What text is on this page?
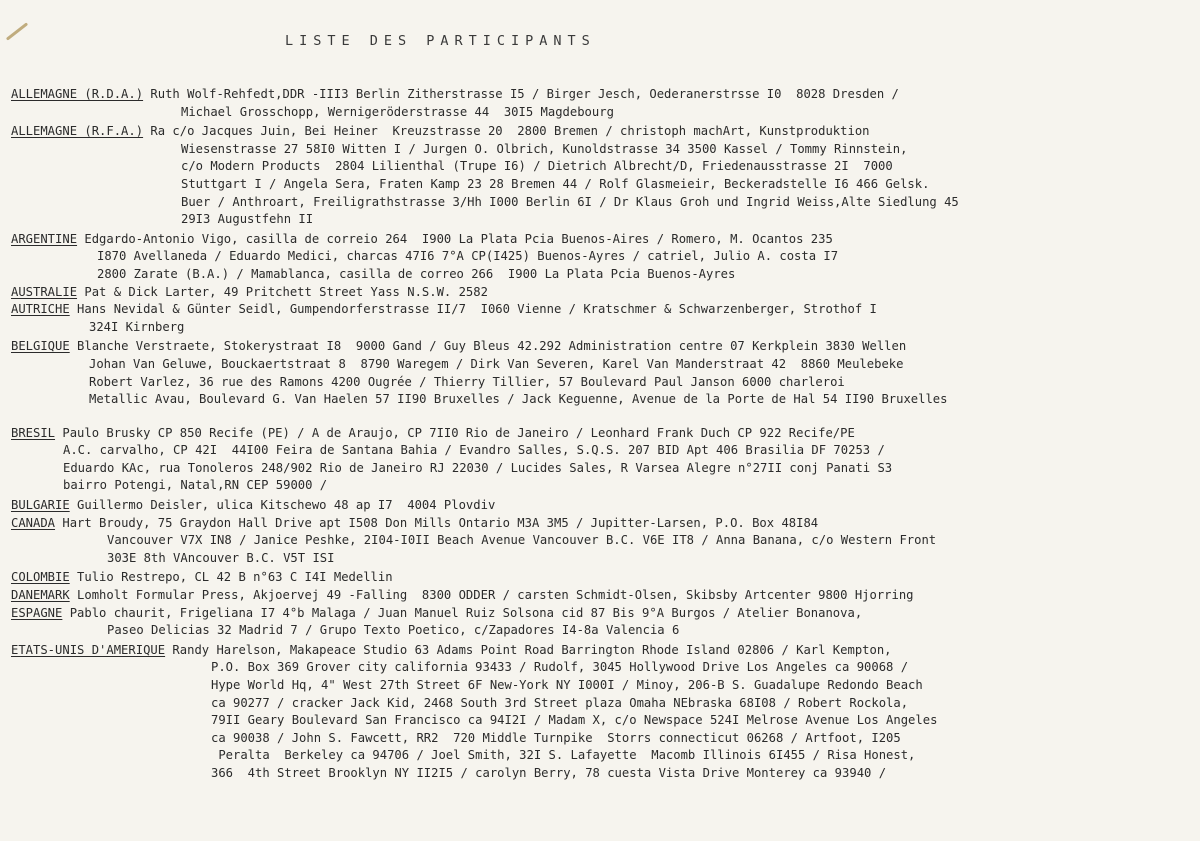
LISTE DES PARTICIPANTS
ALLEMAGNE (R.D.A.) Ruth Wolf-Rehfedt,DDR -III3 Berlin Zitherstrasse I5 / Birger Jesch, Oederanerstrsse I0  8028 Dresden /
Michael Grosschopp, Wernigeröderstrasse 44  30I5 Magdebourg
ALLEMAGNE (R.F.A.) Ra c/o Jacques Juin, Bei Heiner  Kreuzstrasse 20  2800 Bremen / christoph machArt, Kunstproduktion
Wiesenstrasse 27 58I0 Witten I / Jurgen O. Olbrich, Kunoldstrasse 34 3500 Kassel / Tommy Rinnstein,
c/o Modern Products  2804 Lilienthal (Trupe I6) / Dietrich Albrecht/D, Friedenausstrasse 2I  7000
Stuttgart I / Angela Sera, Fraten Kamp 23 28 Bremen 44 / Rolf Glasmeieir, Beckeradstelle I6 466 Gelsk.
Buer / Anthroart, Freiligrathstrasse 3/Hh I000 Berlin 6I / Dr Klaus Groh und Ingrid Weiss,Alte Siedlung 45
29I3 Augustfehn II
ARGENTINE Edgardo-Antonio Vigo, casilla de correio 264  I900 La Plata Pcia Buenos-Aires / Romero, M. Ocantos 235
I870 Avellaneda / Eduardo Medici, charcas 47I6 7°A CP(I425) Buenos-Ayres / catriel, Julio A. costa I7
2800 Zarate (B.A.) / Mamablanca, casilla de correo 266  I900 La Plata Pcia Buenos-Ayres
AUSTRALIE Pat & Dick Larter, 49 Pritchett Street Yass N.S.W. 2582
AUTRICHE Hans Nevidal & Günter Seidl, Gumpendorferstrasse II/7  I060 Vienne / Kratschmer & Schwarzenberger, Strothof I
324I Kirnberg
BELGIQUE Blanche Verstraete, Stokerystraat I8  9000 Gand / Guy Bleus 42.292 Administration centre 07 Kerkplein 3830 Wellen
Johan Van Geluwe, Bouckaertstraat 8  8790 Waregem / Dirk Van Severen, Karel Van Manderstraat 42  8860 Meulebeke
Robert Varlez, 36 rue des Ramons 4200 Ougrée / Thierry Tillier, 57 Boulevard Paul Janson 6000 charleroi
Metallic Avau, Boulevard G. Van Haelen 57 II90 Bruxelles / Jack Keguenne, Avenue de la Porte de Hal 54 II90 Bruxelles
BRESIL Paulo Brusky CP 850 Recife (PE) / A de Araujo, CP 7II0 Rio de Janeiro / Leonhard Frank Duch CP 922 Recife/PE
A.C. carvalho, CP 42I  44I00 Feira de Santana Bahia / Evandro Salles, S.Q.S. 207 BID Apt 406 Brasilia DF 70253 /
Eduardo KAc, rua Tonoleros 248/902 Rio de Janeiro RJ 22030 / Lucides Sales, R Varsea Alegre n°27II conj Panati S3
bairro Potengi, Natal,RN CEP 59000 /
BULGARIE Guillermo Deisler, ulica Kitschewo 48 ap I7  4004 Plovdiv
CANADA Hart Broudy, 75 Graydon Hall Drive apt I508 Don Mills Ontario M3A 3M5 / Jupitter-Larsen, P.O. Box 48I84
Vancouver V7X IN8 / Janice Peshke, 2I04-I0II Beach Avenue Vancouver B.C. V6E IT8 / Anna Banana, c/o Western Front
303E 8th VAncouver B.C. V5T ISI
COLOMBIE Tulio Restrepo, CL 42 B n°63 C I4I Medellin
DANEMARK Lomholt Formular Press, Akjoervej 49 -Falling  8300 ODDER / carsten Schmidt-Olsen, Skibsby Artcenter 9800 Hjorring
ESPAGNE Pablo chaurit, Frigeliana I7 4°b Malaga / Juan Manuel Ruiz Solsona cid 87 Bis 9°A Burgos / Atelier Bonanova,
Paseo Delicias 32 Madrid 7 / Grupo Texto Poetico, c/Zapadores I4-8a Valencia 6
ETATS-UNIS D'AMERIQUE Randy Harelson, Makapeace Studio 63 Adams Point Road Barrington Rhode Island 02806 / Karl Kempton,
P.O. Box 369 Grover city california 93433 / Rudolf, 3045 Hollywood Drive Los Angeles ca 90068 /
Hype World Hq, 4" West 27th Street 6F New-York NY I000I / Minoy, 206-B S. Guadalupe Redondo Beach
ca 90277 / cracker Jack Kid, 2468 South 3rd Street plaza Omaha NEbraska 68I08 / Robert Rockola,
79II Geary Boulevard San Francisco ca 94I2I / Madam X, c/o Newspace 524I Melrose Avenue Los Angeles
ca 90038 / John S. Fawcett, RR2  720 Middle Turnpike  Storrs connecticut 06268 / Artfoot, I205
Peralta  Berkeley ca 94706 / Joel Smith, 32I S. Lafayette  Macomb Illinois 6I455 / Risa Honest,
366  4th Street Brooklyn NY II2I5 / carolyn Berry, 78 cuesta Vista Drive Monterey ca 93940 /
